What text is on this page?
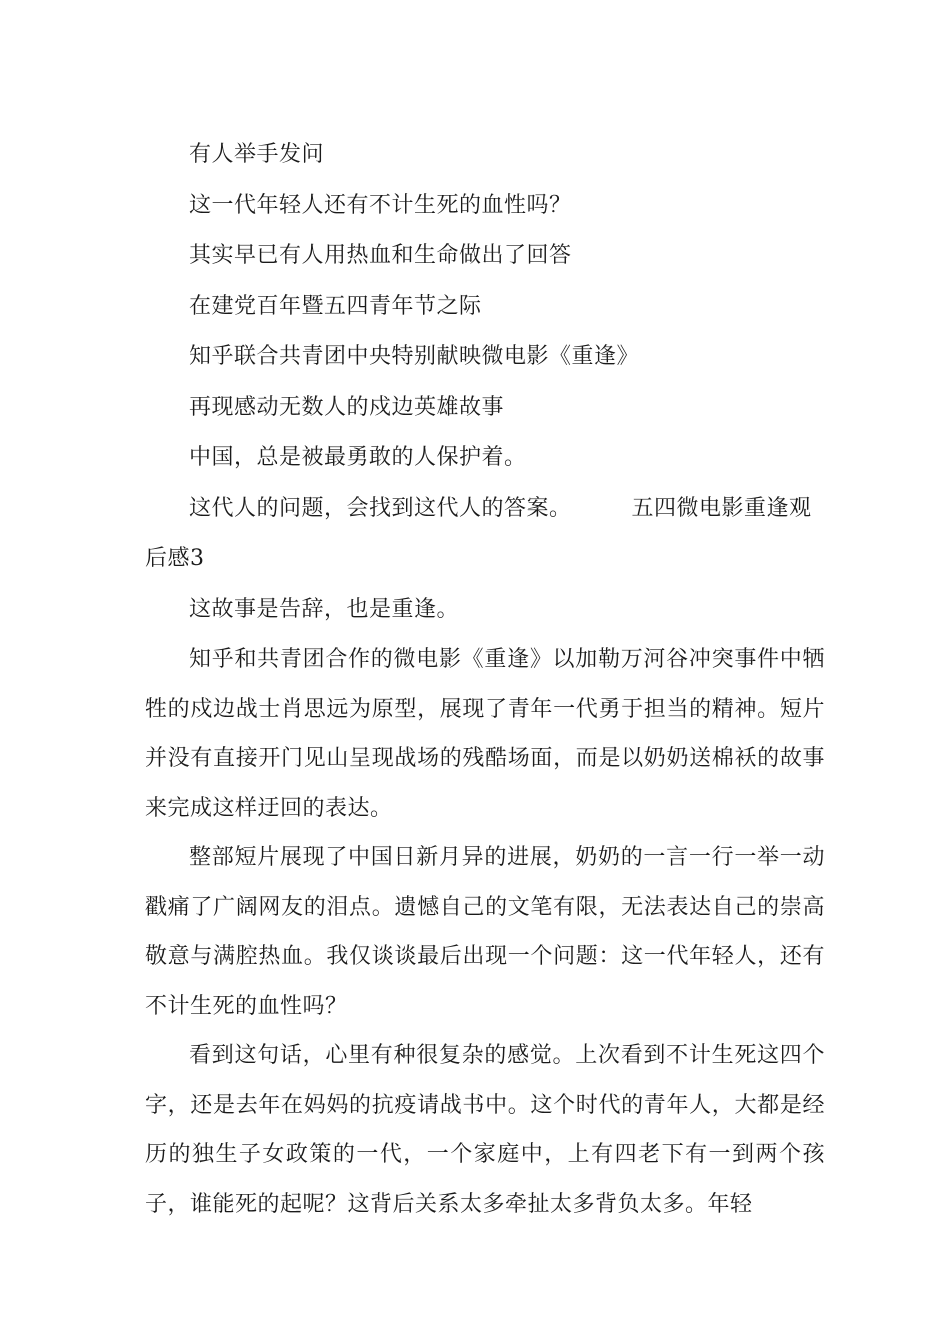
有人举手发问
这一代年轻人还有不计生死的血性吗？
其实早已有人用热血和生命做出了回答
在建党百年暨五四青年节之际
知乎联合共青团中央特别献映微电影《重逢》
再现感动无数人的戍边英雄故事
中国，总是被最勇敢的人保护着。
这代人的问题，会找到这代人的答案。	五四微电影重逢观
后感3
这故事是告辞，也是重逢。

知乎和共青团合作的微电影《重逢》以加勒万河谷冲突事件中牺牲的戍边战士肖思远为原型，展现了青年一代勇于担当的精神。短片并没有直接开门见山呈现战场的残酷场面，而是以奶奶送棉袄的故事来完成这样迂回的表达。

整部短片展现了中国日新月异的进展，奶奶的一言一行一举一动戳痛了广阔网友的泪点。遗憾自己的文笔有限，无法表达自己的崇高敬意与满腔热血。我仅谈谈最后出现一个问题：这一代年轻人，还有不计生死的血性吗？

看到这句话，心里有种很复杂的感觉。上次看到不计生死这四个字，还是去年在妈妈的抗疫请战书中。这个时代的青年人，大都是经历的独生子女政策的一代，一个家庭中，上有四老下有一到两个孩子，谁能死的起呢？这背后关系太多牵扯太多背负太多。年轻
